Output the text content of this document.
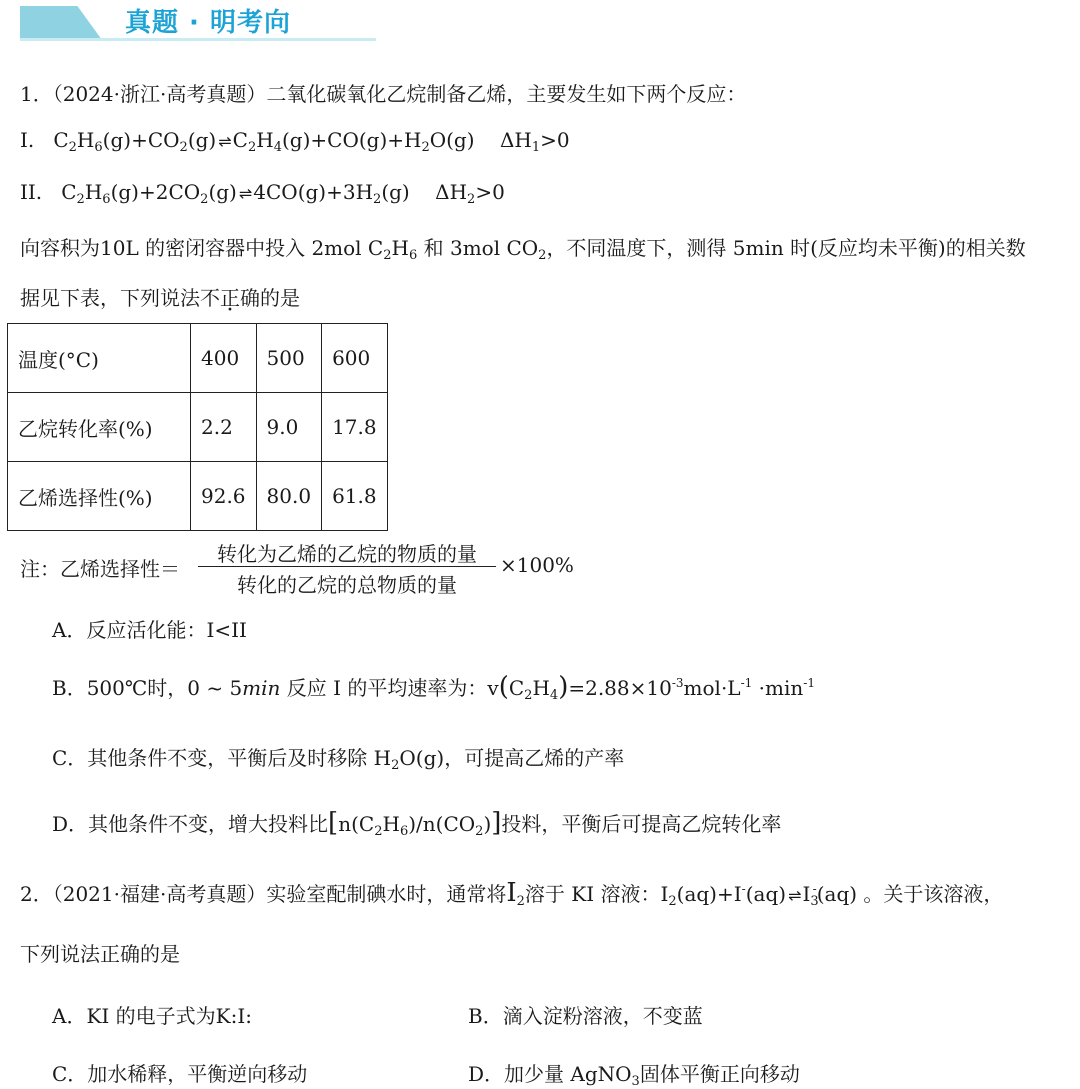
真题 · 明考向
1．（2024·浙江·高考真题）二氧化碳氧化乙烷制备乙烯，主要发生如下两个反应：
I.   $C_2H_6(g)+CO_2(g)$ ⇌ $C_2H_4(g)+CO(g)+H_2O(g)$    $\Delta H_1>0$
II.   $C_2H_6(g)+2CO_2(g)$ ⇌ $4CO(g)+3H_2(g)$    $\Delta H_2>0$
向容积为10L 的密闭容器中投入 2mol $C_2H_6$ 和 3mol $CO_2$，不同温度下，测得 5min 时(反应均未平衡)的相关数
据见下表，下列说法不正确的是
温度(°C)	400	500	600
乙烷转化率(%)	2.2	9.0	17.8
乙烯选择性(%)	92.6	80.0	61.8
注：乙烯选择性＝
转化为乙烯的乙烷的物质的量
转化的乙烷的总物质的量
×100%
A．反应活化能：I<II
B．500℃时，0 ~ 5min 反应 I 的平均速率为：$v(C_2H_4)=2.88\times 10^{-3}mol\cdot L^{-1} \cdot\min^{-1}$
C．其他条件不变，平衡后及时移除 $H_2O(g)$，可提高乙烯的产率
D．其他条件不变，增大投料比$[n(C_2H_6)/n(CO_2)]$投料，平衡后可提高乙烷转化率
2．（2021·福建·高考真题）实验室配制碘水时，通常将$I_2$溶于 KI 溶液：$I_2(aq)+I^-(aq)$ ⇌ $I_3^-(aq)$ 。关于该溶液，
下列说法正确的是
A．KI 的电子式为K:I:	B．滴入淀粉溶液，不变蓝
C．加水稀释，平衡逆向移动	D．加少量 AgNO$_3$固体平衡正向移动
